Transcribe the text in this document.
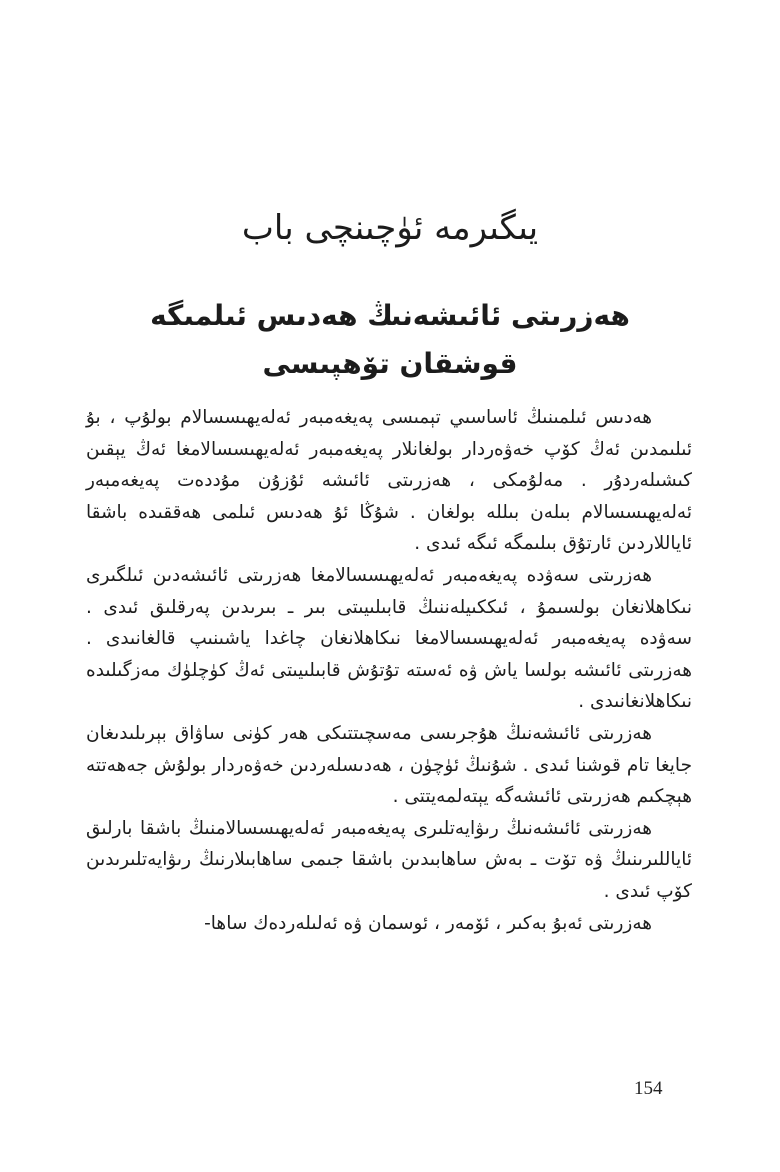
يىگىرمە ئۈچىنچى باب
ھەزرىتى ئائىشەنىڭ ھەدىس ئىلمىگە
قوشقان تۆھپىسى

ھەدىس ئىلمىنىڭ ئاساسىي تېمىسى پەيغەمبەر ئەلەيھىسسالام بولۇپ ، بۇ ئىلىمدىن ئەڭ كۆپ خەۋەردار بولغانلار پەيغەمبەر ئەلەيھىسسالامغا ئەڭ يېقىن كىشىلەردۇر . مەلۇمكى ، ھەزرىتى ئائىشە ئۇزۇن مۇددەت پەيغەمبەر ئەلەيھىسسالام بىلەن بىللە بولغان . شۇڭا ئۇ ھەدىس ئىلمى ھەققىدە باشقا ئاياللاردىن ئارتۇق بىلىمگە ئىگە ئىدى .

ھەزرىتى سەۋدە پەيغەمبەر ئەلەيھىسسالامغا ھەزرىتى ئائىشەدىن ئىلگىرى نىكاھلانغان بولسىمۇ ، ئىككىيلەننىڭ قابىلىيىتى بىر ـ بىرىدىن پەرقلىق ئىدى . سەۋدە پەيغەمبەر ئەلەيھىسسالامغا نىكاھلانغان چاغدا ياشىنىپ قالغانىدى . ھەزرىتى ئائىشە بولسا ياش ۋە ئەستە تۇتۇش قابىلىيىتى ئەڭ كۈچلۈك مەزگىلىدە نىكاھلانغانىدى .

ھەزرىتى ئائىشەنىڭ ھۇجرىسى مەسچىتتىكى ھەر كۈنى ساۋاق بېرىلىدىغان جايغا تام قوشنا ئىدى . شۇنىڭ ئۈچۈن ، ھەدىسلەردىن خەۋەردار بولۇش جەھەتتە ھېچكىم ھەزرىتى ئائىشەگە يېتەلمەيتتى .

ھەزرىتى ئائىشەنىڭ رىۋايەتلىرى پەيغەمبەر ئەلەيھىسسالامنىڭ باشقا بارلىق ئاياللىرىنىڭ ۋە تۆت ـ بەش ساھابىدىن باشقا جىمى ساھابىلارنىڭ رىۋايەتلىرىدىن كۆپ ئىدى .

ھەزرىتى ئەبۇ بەكىر ، ئۆمەر ، ئوسمان ۋە ئەلىلەردەك ساھا-

154
